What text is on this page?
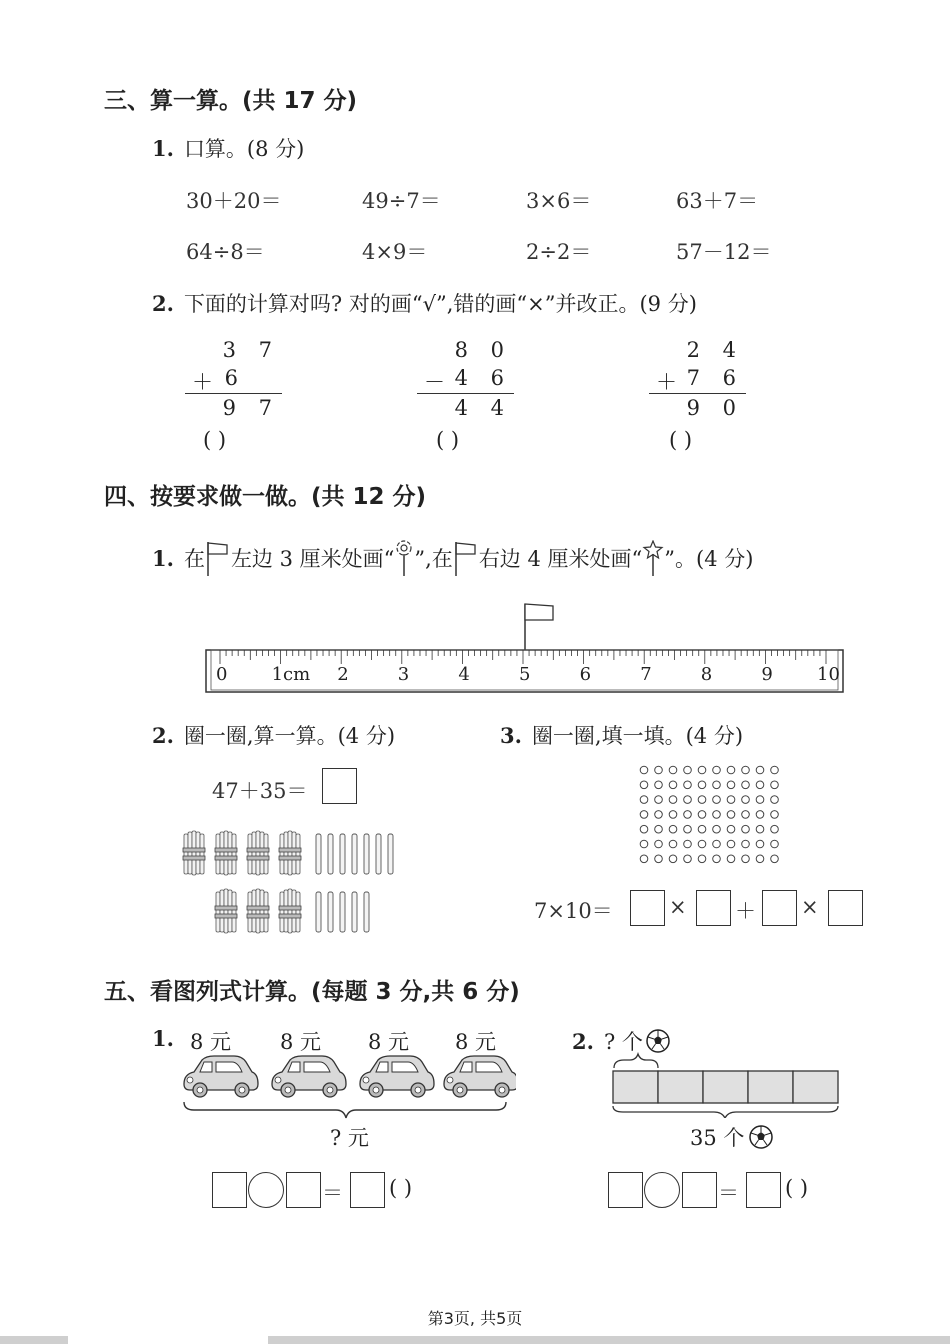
三、算一算。(共 17 分)
1. 口算。(8 分)
30＋20＝	49÷7＝	3×6＝	63＋7＝
64÷8＝	4×9＝	2÷2＝	57－12＝
2. 下面的计算对吗? 对的画“√”,错的画“×”并改正。(9 分)
3 7
＋ 6
9 7
( )
8 0
－ 4 6
4 4
( )
2 4
＋ 7 6
9 0
( )
四、按要求做一做。(共 12 分)
1. 在 左边 3 厘米处画“ ”,在 右边 4 厘米处画“ ”。(4 分)
0 1cm 2	3	4	5	6	7	8	9 10
2. 圈一圈,算一算。(4 分)	3. 圈一圈,填一填。(4 分)
47＋35＝
7×10＝	× ＋ ×
五、看图列式计算。(每题 3 分,共 6 分)
1. 8 元 8 元 8 元 8 元
? 元
＝ ( )
2. ? 个
35 个
＝ ( )
第3页, 共5页
